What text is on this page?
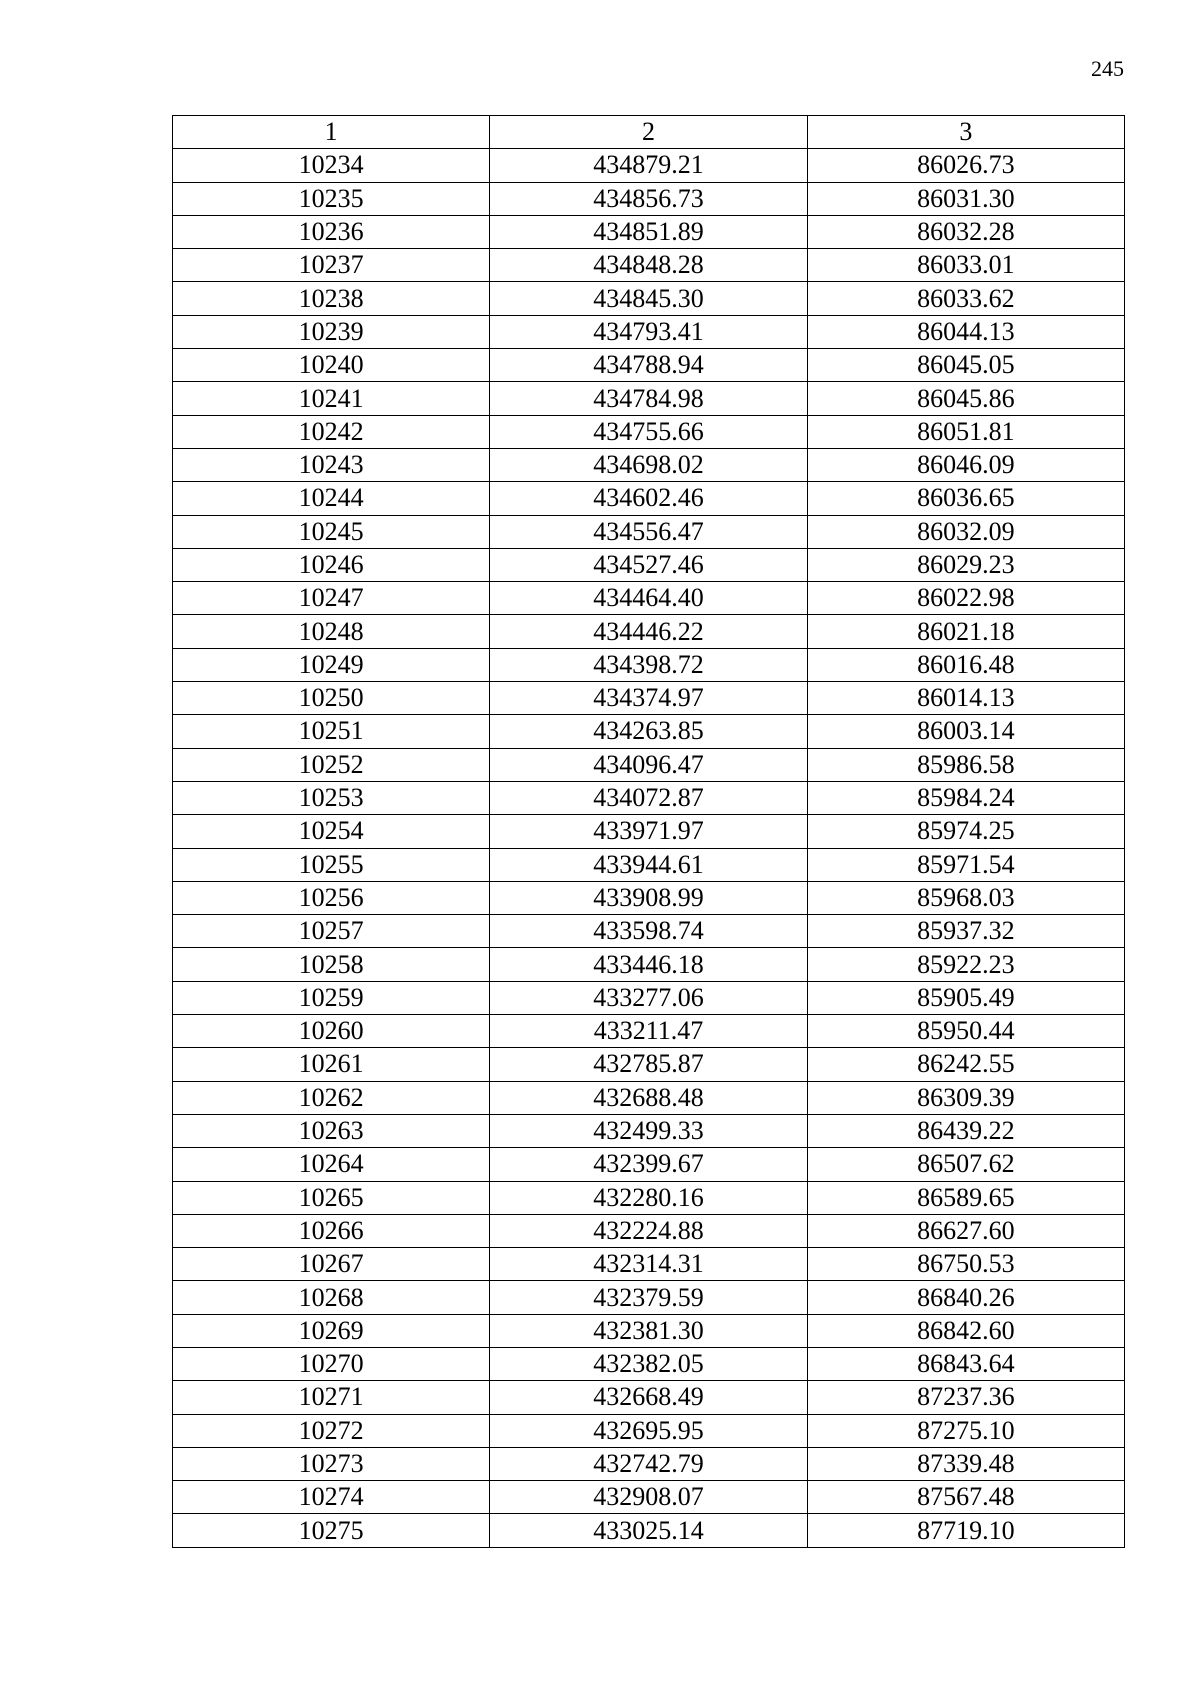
245
1	2	3
10234	434879.21	86026.73
10235	434856.73	86031.30
10236	434851.89	86032.28
10237	434848.28	86033.01
10238	434845.30	86033.62
10239	434793.41	86044.13
10240	434788.94	86045.05
10241	434784.98	86045.86
10242	434755.66	86051.81
10243	434698.02	86046.09
10244	434602.46	86036.65
10245	434556.47	86032.09
10246	434527.46	86029.23
10247	434464.40	86022.98
10248	434446.22	86021.18
10249	434398.72	86016.48
10250	434374.97	86014.13
10251	434263.85	86003.14
10252	434096.47	85986.58
10253	434072.87	85984.24
10254	433971.97	85974.25
10255	433944.61	85971.54
10256	433908.99	85968.03
10257	433598.74	85937.32
10258	433446.18	85922.23
10259	433277.06	85905.49
10260	433211.47	85950.44
10261	432785.87	86242.55
10262	432688.48	86309.39
10263	432499.33	86439.22
10264	432399.67	86507.62
10265	432280.16	86589.65
10266	432224.88	86627.60
10267	432314.31	86750.53
10268	432379.59	86840.26
10269	432381.30	86842.60
10270	432382.05	86843.64
10271	432668.49	87237.36
10272	432695.95	87275.10
10273	432742.79	87339.48
10274	432908.07	87567.48
10275	433025.14	87719.10
